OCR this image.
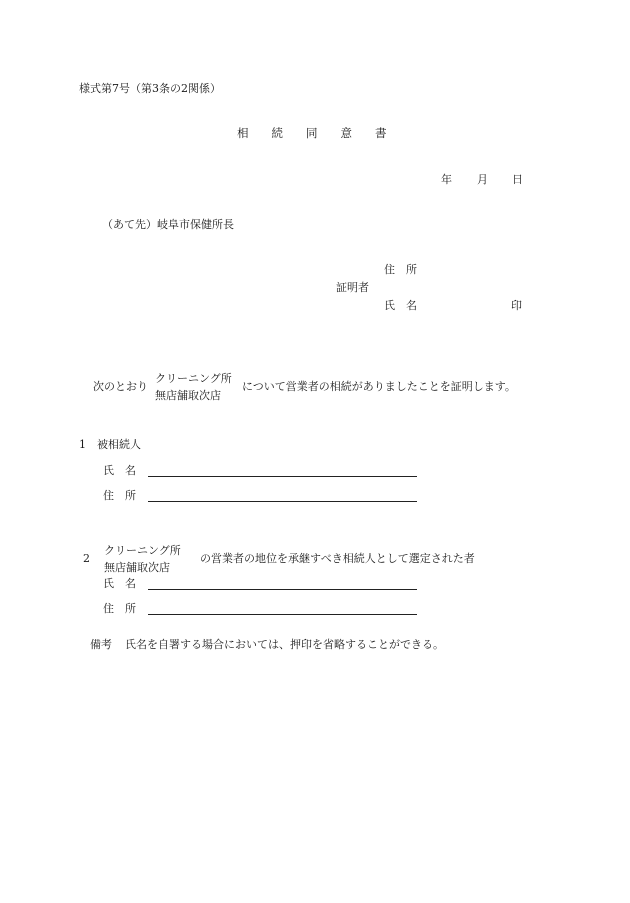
様式第7号（第3条の2関係）
相　　続　　同　　意　　書
年 月 日
（あて先）岐阜市保健所長
住　所
証明者
氏　名	印
次のとおり
クリーニング所
無店舗取次店
について営業者の相続がありましたことを証明します。
1 被相続人
氏　名
住　所
2
クリーニング所
無店舗取次店
の営業者の地位を承継すべき相続人として選定された者
氏　名
住　所
備考 氏名を自署する場合においては、押印を省略することができる。
